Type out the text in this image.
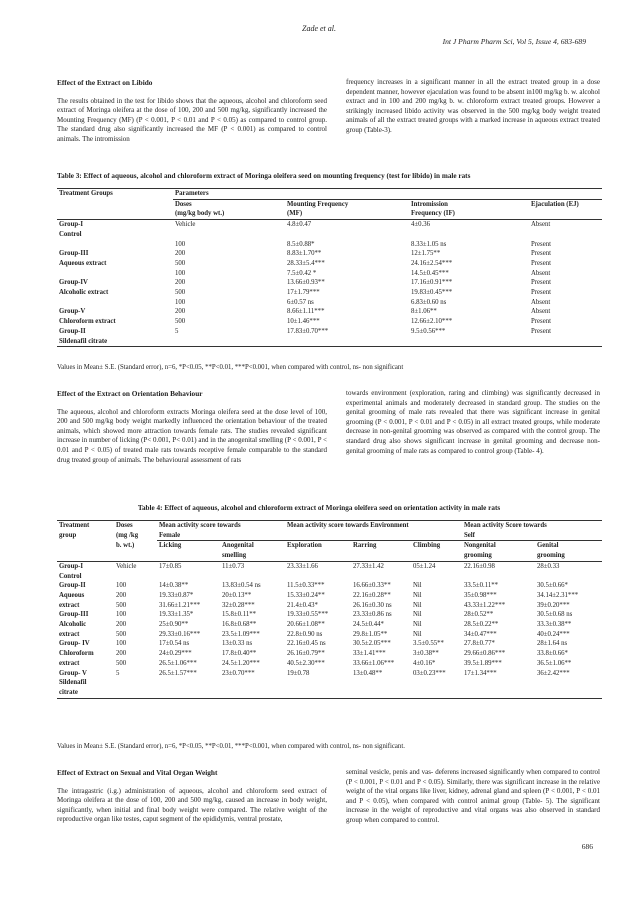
Zade et al.
Int J Pharm Pharm Sci, Vol 5, Issue 4, 683-689
Effect of the Extract on Libido

The results obtained in the test for libido shows that the aqueous, alcohol and chloroform seed extract of Moringa oleifera at the dose of 100, 200 and 500 mg/kg, significantly increased the Mounting Frequency (MF) (P < 0.001, P < 0.01 and P < 0.05) as compared to control group. The standard drug also significantly increased the MF (P < 0.001) as compared to control animals. The intromission

frequency increases in a significant manner in all the extract treated group in a dose dependent manner, however ejaculation was found to be absent in100 mg/kg b. w. alcohol extract and in 100 and 200 mg/kg b. w. chloroform extract treated groups. However a strikingly increased libido activity was observed in the 500 mg/kg body weight treated animals of all the extract treated groups with a marked increase in aqueous extract treated group (Table-3).

Table 3: Effect of aqueous, alcohol and chloroform extract of Moringa oleifera seed on mounting frequency (test for libido) in male rats
Treatment Groups	Parameters			
	Doses	Mounting Frequency	Intromission	Ejaculation (EJ)
	(mg/kg body wt.)	(MF)	Frequency (IF)	
Group-I	Vehicle	4.8±0.47	4±0.36	Absent
Control				
	100	8.5±0.88*	8.33±1.05 ns	Present
Group-III	200	8.83±1.70**	12±1.75**	Present
Aqueous extract	500	28.33±5.4***	24.16±2.54***	Present
	100	7.5±0.42 *	14.5±0.45***	Absent
Group-IV	200	13.66±0.93**	17.16±0.91***	Present
Alcoholic extract	500	17±1.79***	19.83±0.45***	Present
	100	6±0.57 ns	6.83±0.60 ns	Absent
Group-V	200	8.66±1.11***	8±1.06**	Absent
Chloroform extract	500	10±1.46***	12.66±2.10***	Present
Group-II	5	17.83±0.70***	9.5±0.56***	Present
Sildenafil citrate				
Values in Mean± S.E. (Standard error), n=6, *P<0.05, **P<0.01, ***P<0.001, when compared with control, ns- non significant
Effect of the Extract on Orientation Behaviour

The aqueous, alcohol and chloroform extracts Moringa oleifera seed at the dose level of 100, 200 and 500 mg/kg body weight markedly influenced the orientation behaviour of the treated animals, which showed more attraction towards female rats. The studies revealed significant increase in number of licking (P< 0.001, P< 0.01) and in the anogenital smelling (P < 0.001, P < 0.01 and P < 0.05) of treated male rats towards receptive female comparable to the standard drug treated group of animals. The behavioural assessment of rats

towards environment (exploration, raring and climbing) was significantly decreased in experimental animals and moderately decreased in standard group. The studies on the genital grooming of male rats revealed that there was significant increase in genital grooming (P < 0.001, P < 0.01 and P < 0.05) in all extract treated groups, while moderate decrease in non-genital grooming was observed as compared with the control group. The standard drug also shows significant increase in genital grooming and decrease non-genital grooming of male rats as compared to control group (Table- 4).

Table 4: Effect of aqueous, alcohol and chloroform extract of Moringa oleifera seed on orientation activity in male rats
Treatment	Doses	Mean activity score towards		Mean activity score towards Environment			Mean activity Score towards	
group	(mg /kg	Female					Self	
	b. wt.)	Licking	Anogenital	Exploration	Rarring	Climbing	Nongenital	Genital
			smelling				grooming	grooming
Group-I	Vehicle	17±0.85	11±0.73	23.33±1.66	27.33±1.42	05±1.24	22.16±0.98	28±0.33
Control								
Group-II	100	14±0.38**	13.83±0.54 ns	11.5±0.33***	16.66±0.33**	Nil	33.5±0.11**	30.5±0.66*
Aqueous	200	19.33±0.87*	20±0.13**	15.33±0.24**	22.16±0.28**	Nil	35±0.98***	34.14±2.31***
extract	500	31.66±1.21***	32±0.28***	21.4±0.43*	26.16±0.30 ns	Nil	43.33±1.22***	39±0.20***
Group-III	100	19.33±1.35*	15.8±0.11**	19.33±0.55***	23.33±0.86 ns	Nil	28±0.52**	30.5±0.68 ns
Alcoholic	200	25±0.90**	16.8±0.68**	20.66±1.08**	24.5±0.44*	Nil	28.5±0.22**	33.3±0.38**
extract	500	29.33±0.16***	23.5±1.09***	22.8±0.90 ns	29.8±1.05**	Nil	34±0.47***	40±0.24***
Group- IV	100	17±0.54 ns	13±0.33 ns	22.16±0.45 ns	30.5±2.05***	3.5±0.55**	27.8±0.77*	28±1.64 ns
Chloroform	200	24±0.29***	17.8±0.40**	26.16±0.79**	33±1.41***	3±0.38**	29.66±0.86***	33.8±0.66*
extract	500	26.5±1.06***	24.5±1.20***	40.5±2.30***	33.66±1.06***	4±0.16*	39.5±1.89***	36.5±1.06**
Group- V	5	26.5±1.57***	23±0.70***	19±0.78	13±0.48**	03±0.23***	17±1.34***	36±2.42***
Sildenafil								
citrate								
Values in Mean± S.E. (Standard error), n=6, *P<0.05, **P<0.01, ***P<0.001, when compared with control, ns- non significant.
Effect of Extract on Sexual and Vital Organ Weight

The intragastric (i.g.) administration of aqueous, alcohol and chloroform seed extract of Moringa oleifera at the dose of 100, 200 and 500 mg/kg, caused an increase in body weight, significantly, when initial and final body weight were compared. The relative weight of the reproductive organ like testes, caput segment of the epididymis, ventral prostate,

seminal vesicle, penis and vas- deferens increased significantly when compared to control (P < 0.001, P < 0.01 and P < 0.05). Similarly, there was significant increase in the relative weight of the vital organs like liver, kidney, adrenal gland and spleen (P < 0.001, P < 0.01 and P < 0.05), when compared with control animal group (Table- 5). The significant increase in the weight of reproductive and vital organs was also observed in standard group when compared to control.

686
